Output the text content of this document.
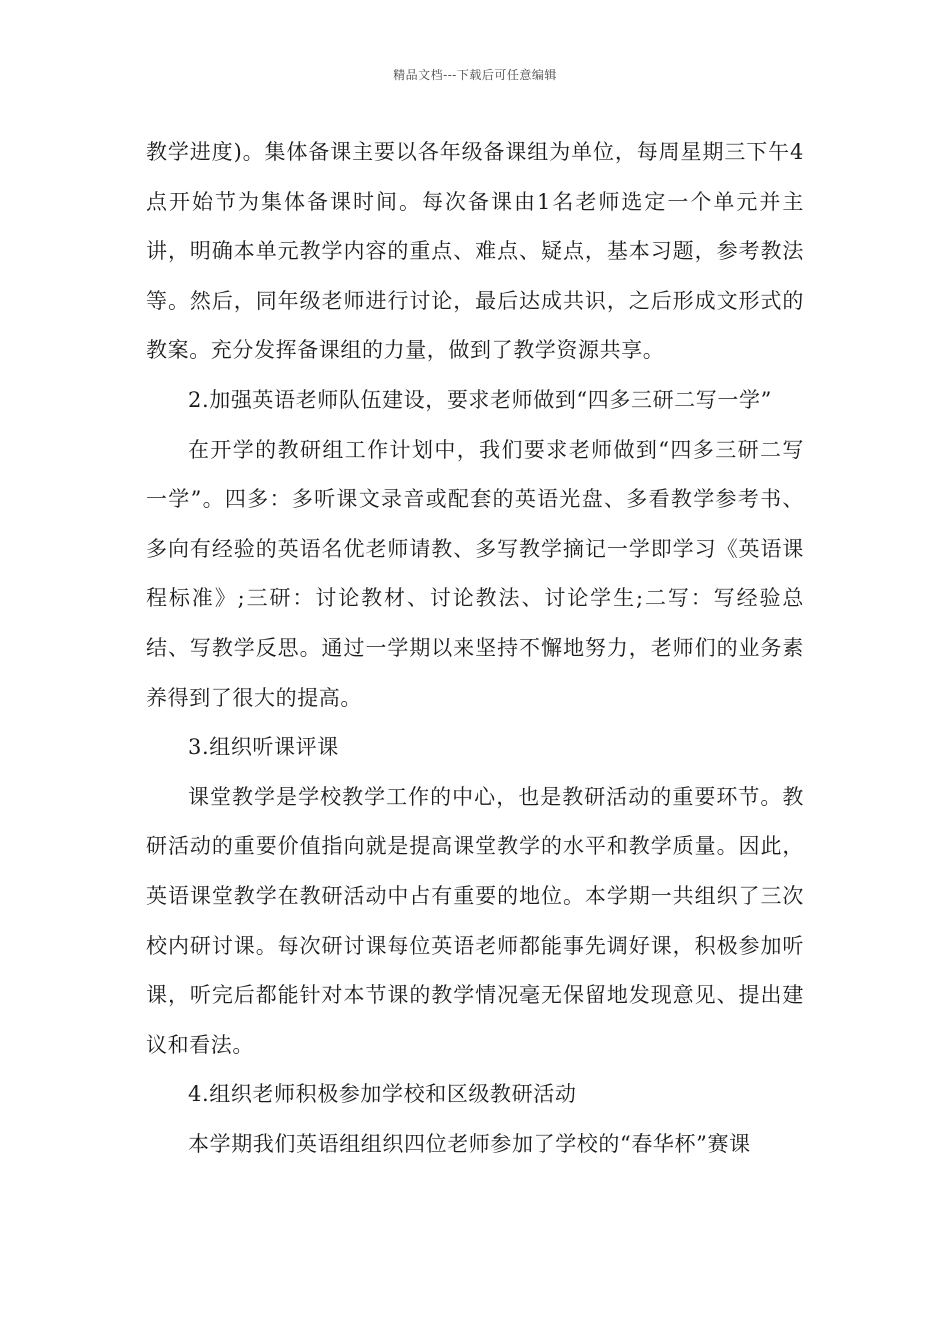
精品文档---下载后可任意编辑

教学进度)。集体备课主要以各年级备课组为单位，每周星期三下午4点开始节为集体备课时间。每次备课由1名老师选定一个单元并主讲，明确本单元教学内容的重点、难点、疑点，基本习题，参考教法等。然后，同年级老师进行讨论，最后达成共识，之后形成文形式的教案。充分发挥备课组的力量，做到了教学资源共享。

2.加强英语老师队伍建设，要求老师做到“四多三研二写一学”

在开学的教研组工作计划中，我们要求老师做到“四多三研二写一学”。四多：多听课文录音或配套的英语光盘、多看教学参考书、多向有经验的英语名优老师请教、多写教学摘记一学即学习《英语课程标准》;三研：讨论教材、讨论教法、讨论学生;二写：写经验总结、写教学反思。通过一学期以来坚持不懈地努力，老师们的业务素养得到了很大的提高。

3.组织听课评课

课堂教学是学校教学工作的中心，也是教研活动的重要环节。教研活动的重要价值指向就是提高课堂教学的水平和教学质量。因此，英语课堂教学在教研活动中占有重要的地位。本学期一共组织了三次校内研讨课。每次研讨课每位英语老师都能事先调好课，积极参加听课，听完后都能针对本节课的教学情况毫无保留地发现意见、提出建议和看法。

4.组织老师积极参加学校和区级教研活动

本学期我们英语组组织四位老师参加了学校的“春华杯”赛课
